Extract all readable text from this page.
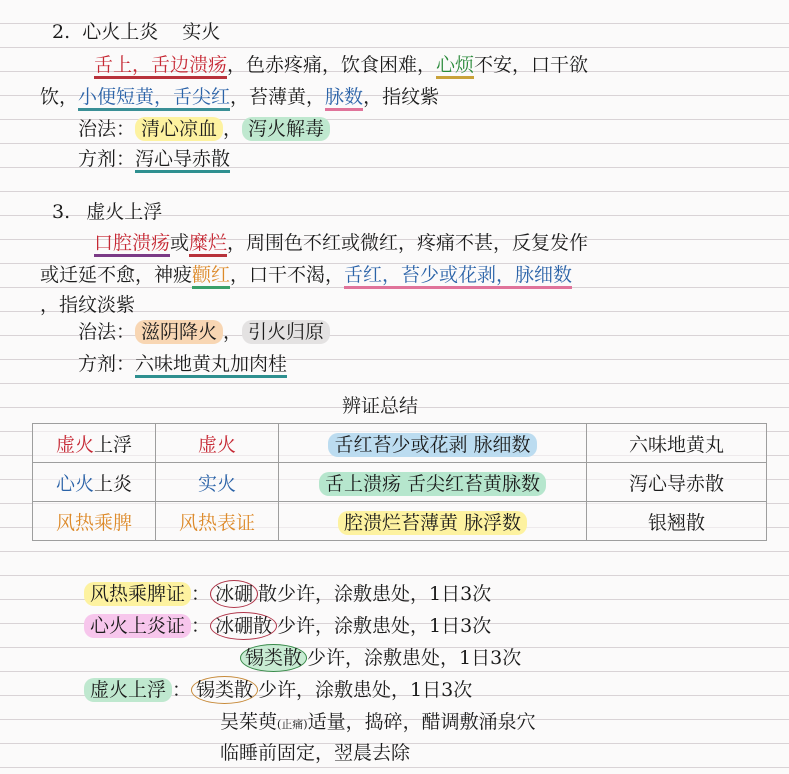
2. 心火上炎 实火
舌上，舌边溃疡，色赤疼痛，饮食困难，心烦不安，口干欲
饮，小便短黄，舌尖红，苔薄黄，脉数，指纹紫
治法： 清心凉血 ， 泻火解毒
方剂：泻心导赤散
3. 虚火上浮
口腔溃疡或糜烂，周围色不红或微红，疼痛不甚，反复发作
或迁延不愈，神疲颧红，口干不渴，舌红，苔少或花剥，脉细数
，指纹淡紫
治法： 滋阴降火 ， 引火归原
方剂：六味地黄丸加肉桂
辨证总结
虚火上浮	虚火	舌红苔少或花剥 脉细数	六味地黄丸
心火上炎	实火	舌上溃疡 舌尖红苔黄脉数	泻心导赤散
风热乘脾	风热表证	腔溃烂苔薄黄 脉浮数	银翘散
风热乘脾证 ： 冰硼 散少许，涂敷患处，1日3次
心火上炎证 ： 冰硼散 少许，涂敷患处，1日3次
锡类散 少许，涂敷患处，1日3次
虚火上浮 ： 锡类散 少许，涂敷患处，1日3次
吴茱萸(止痛)适量，捣碎，醋调敷涌泉穴
临睡前固定，翌晨去除
